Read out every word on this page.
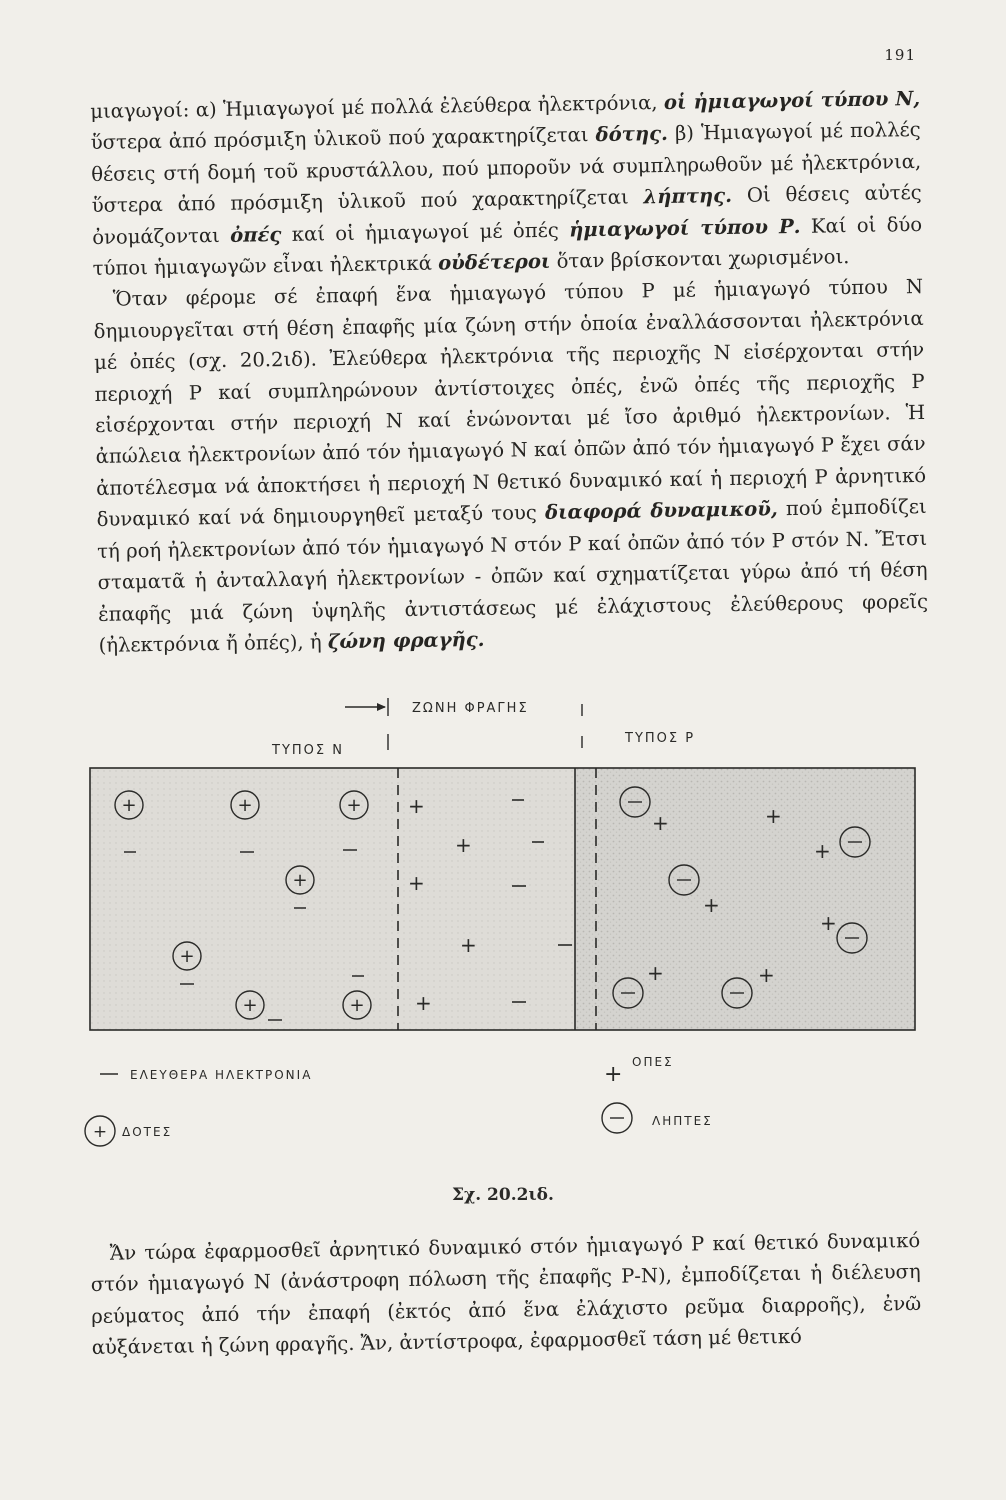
191

μιαγωγοί: α) Ἡμιαγωγοί μέ πολλά ἐλεύθερα ἠλεκτρόνια, οἱ ἡμιαγωγοί τύπου Ν, ὕστερα ἀπό πρόσμιξη ὑλικοῦ πού χαρακτηρίζεται δότης. β) Ἡμιαγωγοί μέ πολλές θέσεις στή δομή τοῦ κρυστάλλου, πού μποροῦν νά συμπληρωθοῦν μέ ἠλεκτρόνια, ὕστερα ἀπό πρόσμιξη ὑλικοῦ πού χαρακτηρίζεται λήπτης. Οἱ θέσεις αὐτές ὀνομάζονται ὀπές καί οἱ ἡμιαγωγοί μέ ὀπές ἡμιαγωγοί τύπου Ρ. Καί οἱ δύο τύποι ἡμιαγωγῶν εἶναι ἠλεκτρικά οὐδέτεροι ὅταν βρίσκονται χωρισμένοι.

Ὅταν φέρομε σέ ἐπαφή ἕνα ἡμιαγωγό τύπου Ρ μέ ἡμιαγωγό τύπου Ν δημιουργεῖται στή θέση ἐπαφῆς μία ζώνη στήν ὁποία ἐναλλάσσονται ἠλεκτρόνια μέ ὀπές (σχ. 20.2ιδ). Ἐλεύθερα ἠλεκτρόνια τῆς περιοχῆς Ν εἰσέρχονται στήν περιοχή Ρ καί συμπληρώνουν ἀντίστοιχες ὀπές, ἐνῶ ὀπές τῆς περιοχῆς Ρ εἰσέρχονται στήν περιοχή Ν καί ἑνώνονται μέ ἴσο ἀριθμό ἠλεκτρονίων. Ἡ ἀπώλεια ἠλεκτρονίων ἀπό τόν ἡμιαγωγό Ν καί ὀπῶν ἀπό τόν ἡμιαγωγό Ρ ἔχει σάν ἀποτέλεσμα νά ἀποκτήσει ἡ περιοχή Ν θετικό δυναμικό καί ἡ περιοχή Ρ ἀρνητικό δυναμικό καί νά δημιουργηθεῖ μεταξύ τους διαφορά δυναμικοῦ, πού ἐμποδίζει τή ροή ἠλεκτρονίων ἀπό τόν ἡμιαγωγό Ν στόν Ρ καί ὀπῶν ἀπό τόν Ρ στόν Ν. Ἔτσι σταματᾶ ἡ ἀνταλλαγή ἠλεκτρονίων - ὀπῶν καί σχηματίζεται γύρω ἀπό τή θέση ἐπαφῆς μιά ζώνη ὑψηλῆς ἀντιστάσεως μέ ἐλάχιστους ἐλεύθερους φορεῖς (ἠλεκτρόνια ἤ ὀπές), ἡ ζώνη φραγῆς.

ΖΩΝΗ ΦΡΑΓΗΣ
ΤΥΠΟΣ Ν
ΤΥΠΟΣ Ρ
+	+	+
+
+
+	+
+
+
+
+
+
+	+
+
+
+
+	+
ΕΛΕΥΘΕΡΑ ΗΛΕΚΤΡΟΝΙΑ	+ ΟΠΕΣ
+ ΔΟΤΕΣ
ΛΗΠΤΕΣ
Σχ. 20.2ιδ.

Ἄν τώρα ἐφαρμοσθεῖ ἀρνητικό δυναμικό στόν ἡμιαγωγό Ρ καί θετικό δυναμικό στόν ἡμιαγωγό Ν (ἀνάστροφη πόλωση τῆς ἐπαφῆς Ρ-Ν), ἐμποδίζεται ἡ διέλευση ρεύματος ἀπό τήν ἐπαφή (ἐκτός ἀπό ἕνα ἐλάχιστο ρεῦμα διαρροῆς), ἐνῶ αὐξάνεται ἡ ζώνη φραγῆς. Ἄν, ἀντίστροφα, ἐφαρμοσθεῖ τάση μέ θετικό
